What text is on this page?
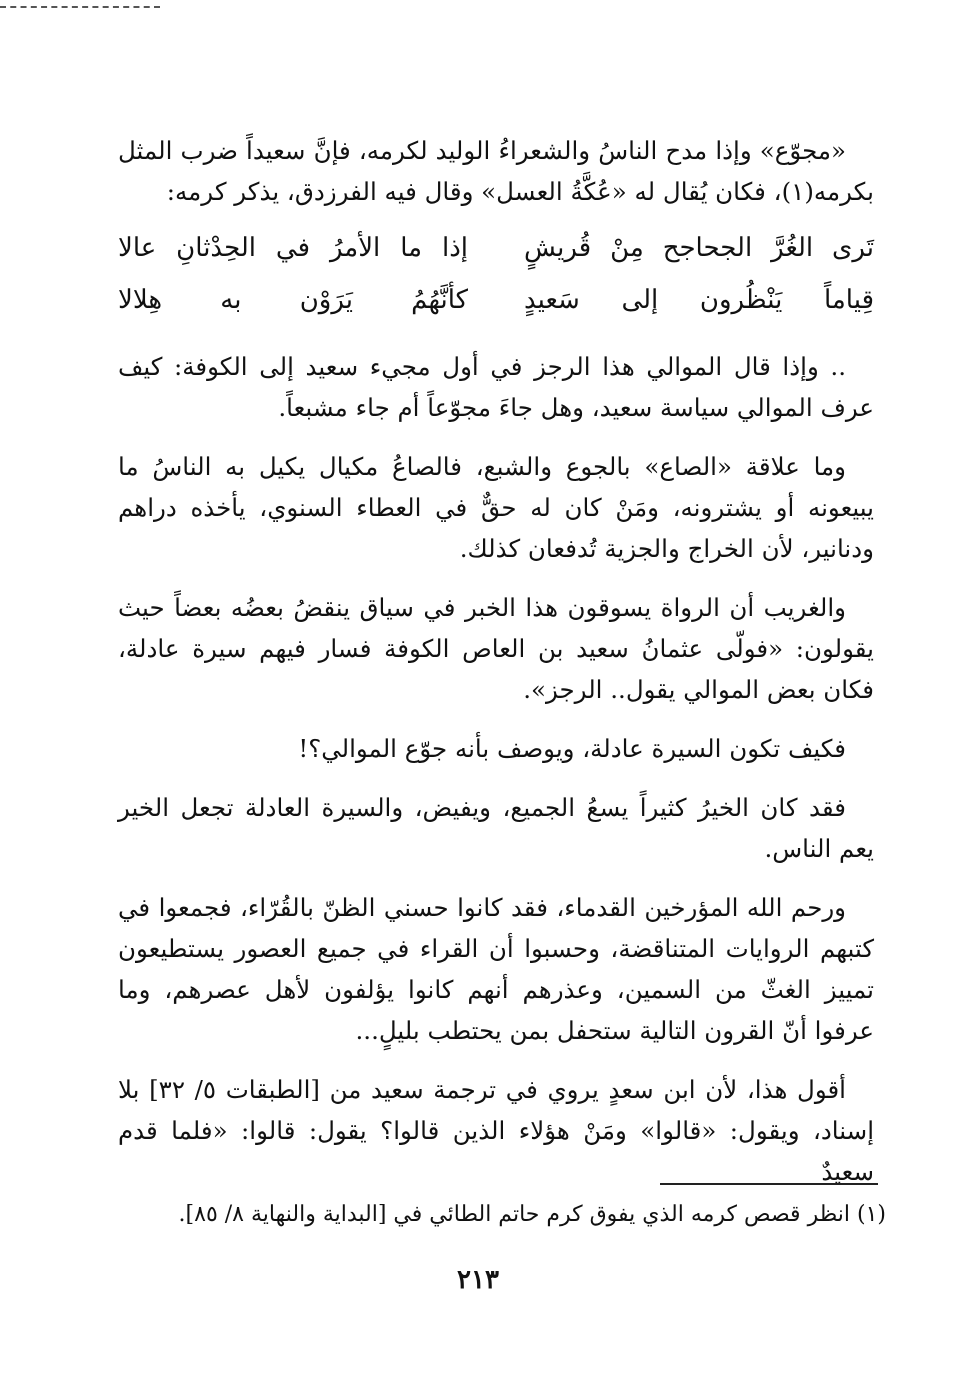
«مجوّع» وإذا مدح الناسُ والشعراءُ الوليد لكرمه، فإنَّ سعيداً ضرب المثل بكرمه(١)، فكان يُقال له «عُكَّةُ العسل» وقال فيه الفرزدق، يذكر كرمه:

تَرى الغُرَّ الجحاجح مِنْ قُريشٍ
إذا ما الأمرُ في الحِدْثانِ عالا
قِياماً يَنْظُرون إلى سَعيدٍ
كأنَّهُمُ يَرَوْن به هِلالا

.. وإذا قال الموالي هذا الرجز في أول مجيء سعيد إلى الكوفة: كيف عرف الموالي سياسة سعيد، وهل جاءَ مجوّعاً أم جاء مشبعاً.

وما علاقة «الصاع» بالجوع والشبع، فالصاعُ مكيال يكيل به الناسُ ما يبيعونه أو يشترونه، ومَنْ كان له حقٌّ في العطاء السنوي، يأخذه دراهم ودنانير، لأن الخراج والجزية تُدفعان كذلك.

والغريب أن الرواة يسوقون هذا الخبر في سياق ينقضُ بعضُه بعضاً حيث يقولون: «فولّى عثمانُ سعيد بن العاص الكوفة فسار فيهم سيرة عادلة، فكان بعض الموالي يقول.. الرجز».

فكيف تكون السيرة عادلة، ويوصف بأنه جوّع الموالي؟!

فقد كان الخيرُ كثيراً يسعُ الجميع، ويفيض، والسيرة العادلة تجعل الخير يعم الناس.

ورحم الله المؤرخين القدماء، فقد كانوا حسني الظنّ بالقُرّاء، فجمعوا في كتبهم الروايات المتناقضة، وحسبوا أن القراء في جميع العصور يستطيعون تمييز الغثّ من السمين، وعذرهم أنهم كانوا يؤلفون لأهل عصرهم، وما عرفوا أنّ القرون التالية ستحفل بمن يحتطب بليلٍ...

أقول هذا، لأن ابن سعدٍ يروي في ترجمة سعيد من [الطبقات ٥/ ٣٢] بلا إسناد، ويقول: «قالوا» ومَنْ هؤلاء الذين قالوا؟ يقول: قالوا: «فلما قدم سعيدٌ

(١) انظر قصص كرمه الذي يفوق كرم حاتم الطائي في [البداية والنهاية ٨/ ٨٥].
٢١٣
